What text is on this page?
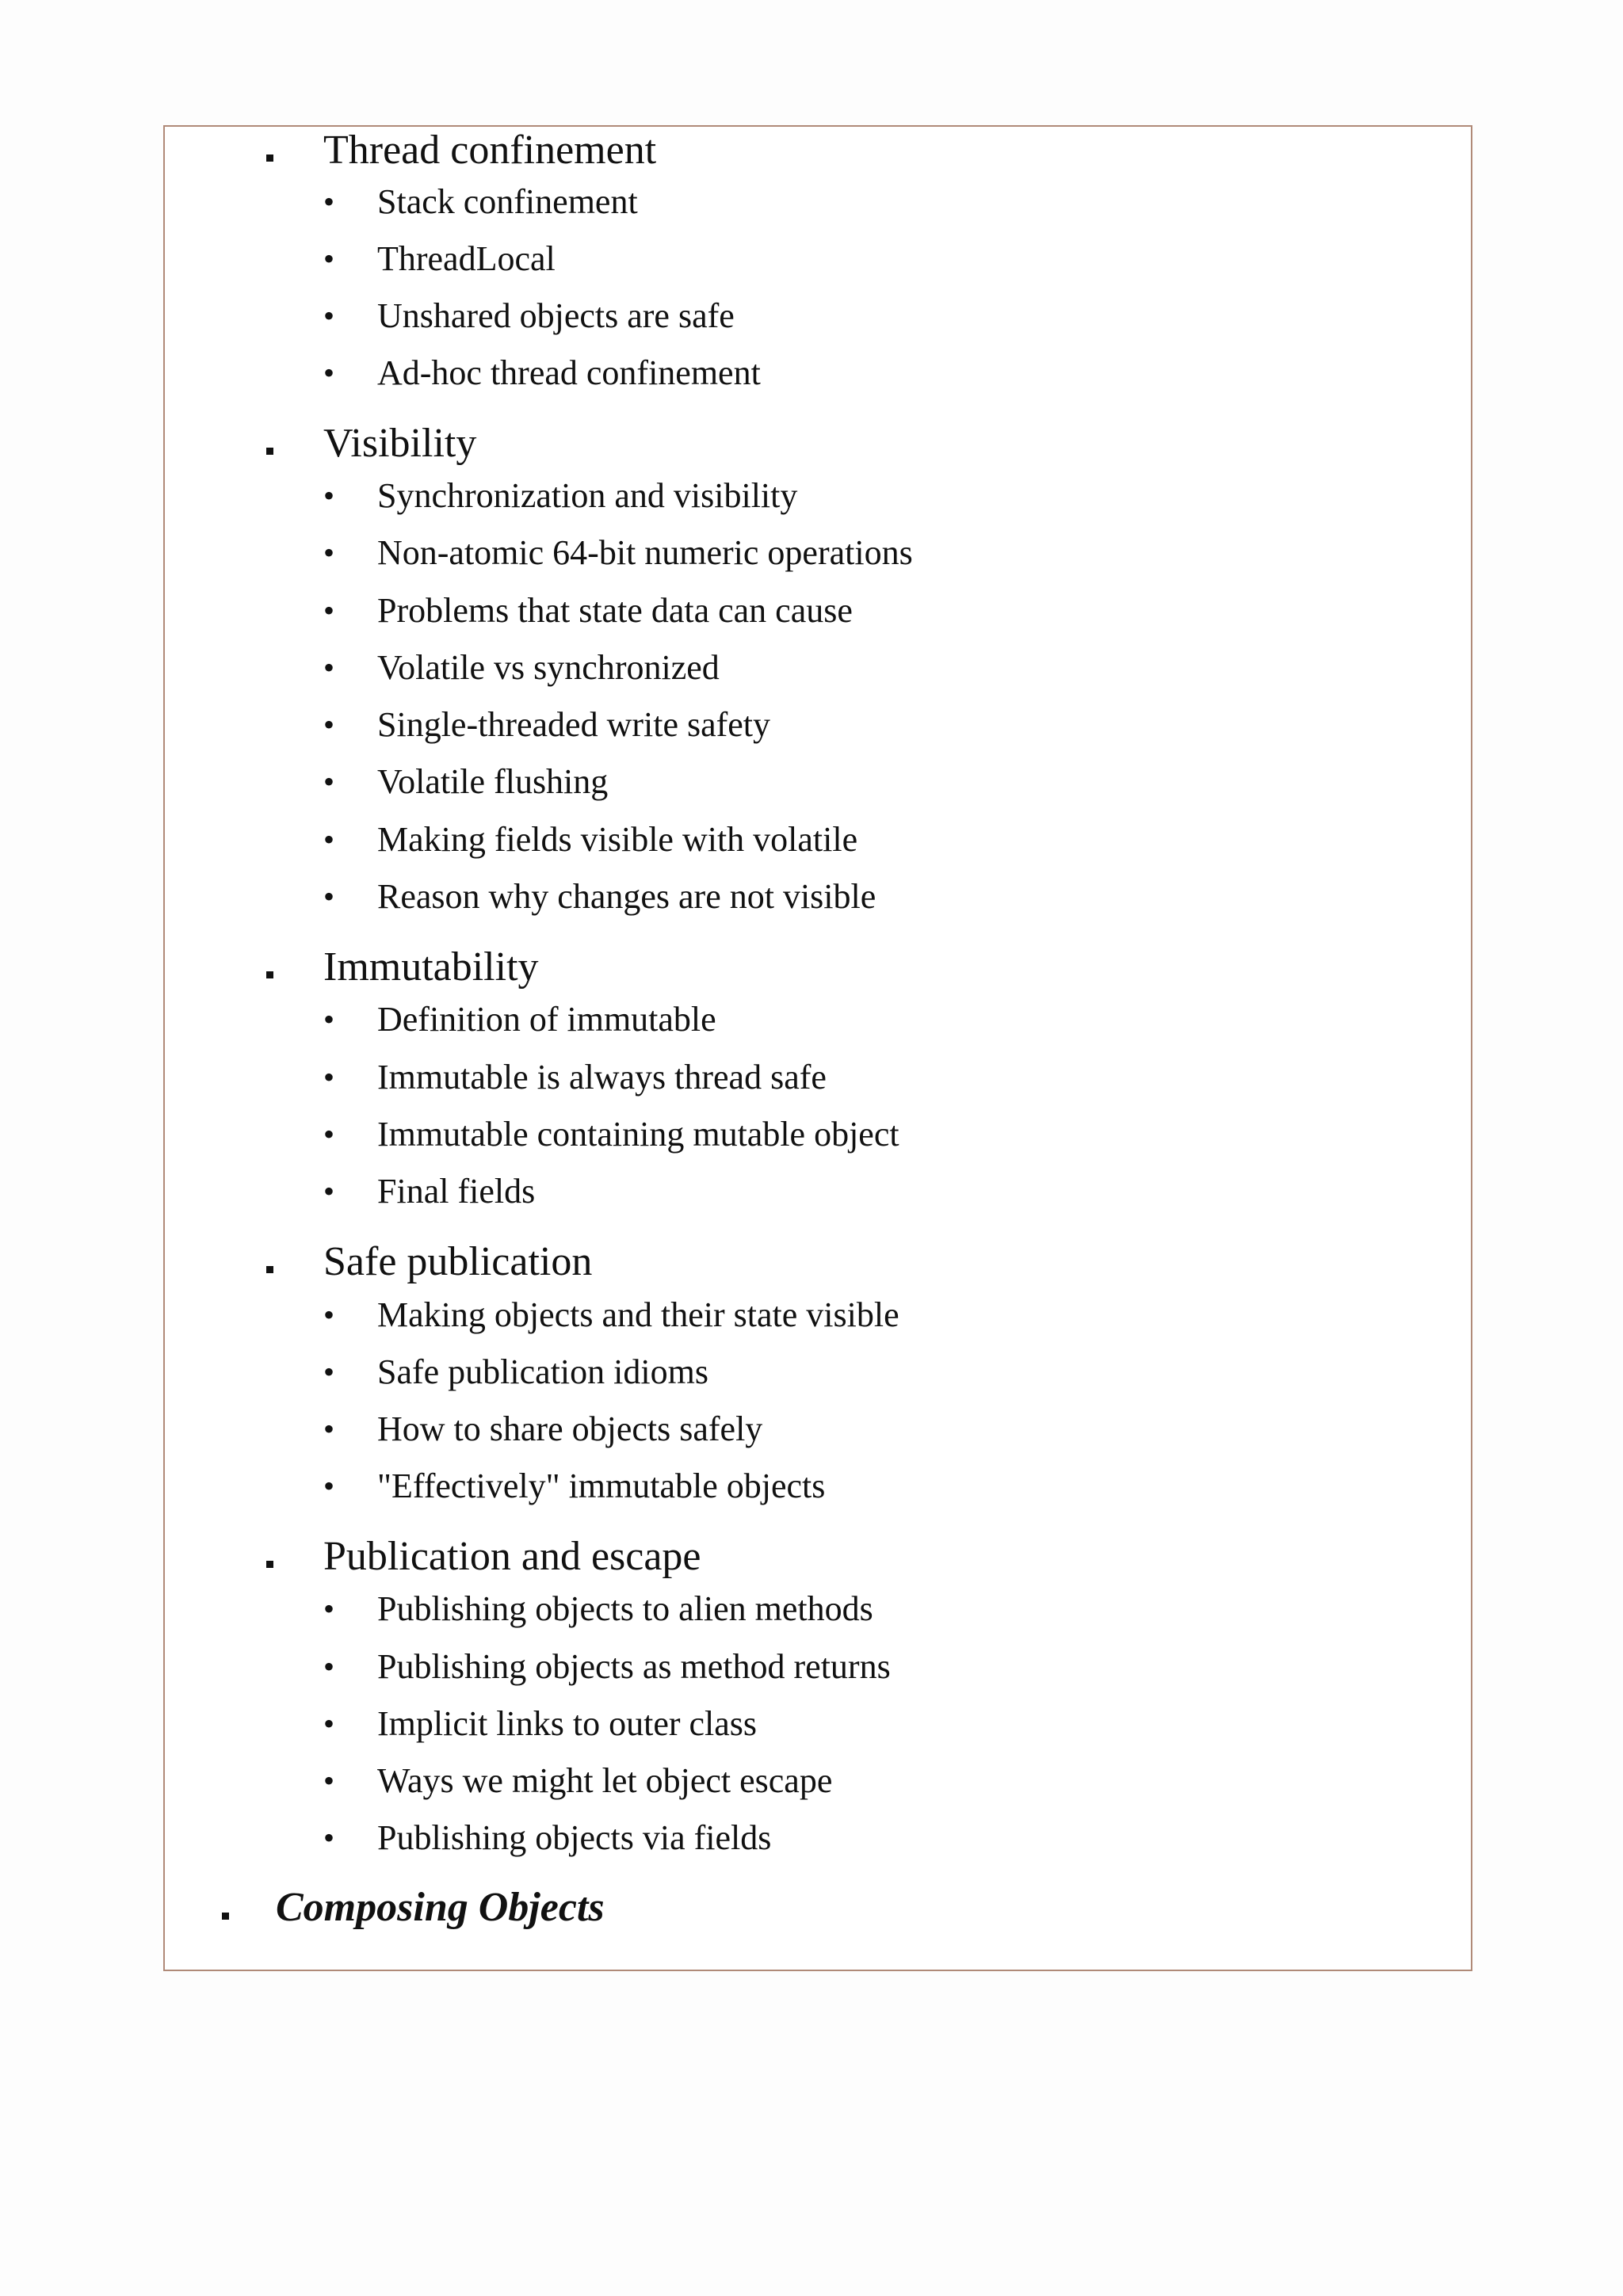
Thread confinement
• Stack confinement
• ThreadLocal
• Unshared objects are safe
• Ad-hoc thread confinement
Visibility
• Synchronization and visibility
• Non-atomic 64-bit numeric operations
• Problems that state data can cause
• Volatile vs synchronized
• Single-threaded write safety
• Volatile flushing
• Making fields visible with volatile
• Reason why changes are not visible
Immutability
• Definition of immutable
• Immutable is always thread safe
• Immutable containing mutable object
• Final fields
Safe publication
• Making objects and their state visible
• Safe publication idioms
• How to share objects safely
• "Effectively" immutable objects
Publication and escape
• Publishing objects to alien methods
• Publishing objects as method returns
• Implicit links to outer class
• Ways we might let object escape
• Publishing objects via fields
Composing Objects
